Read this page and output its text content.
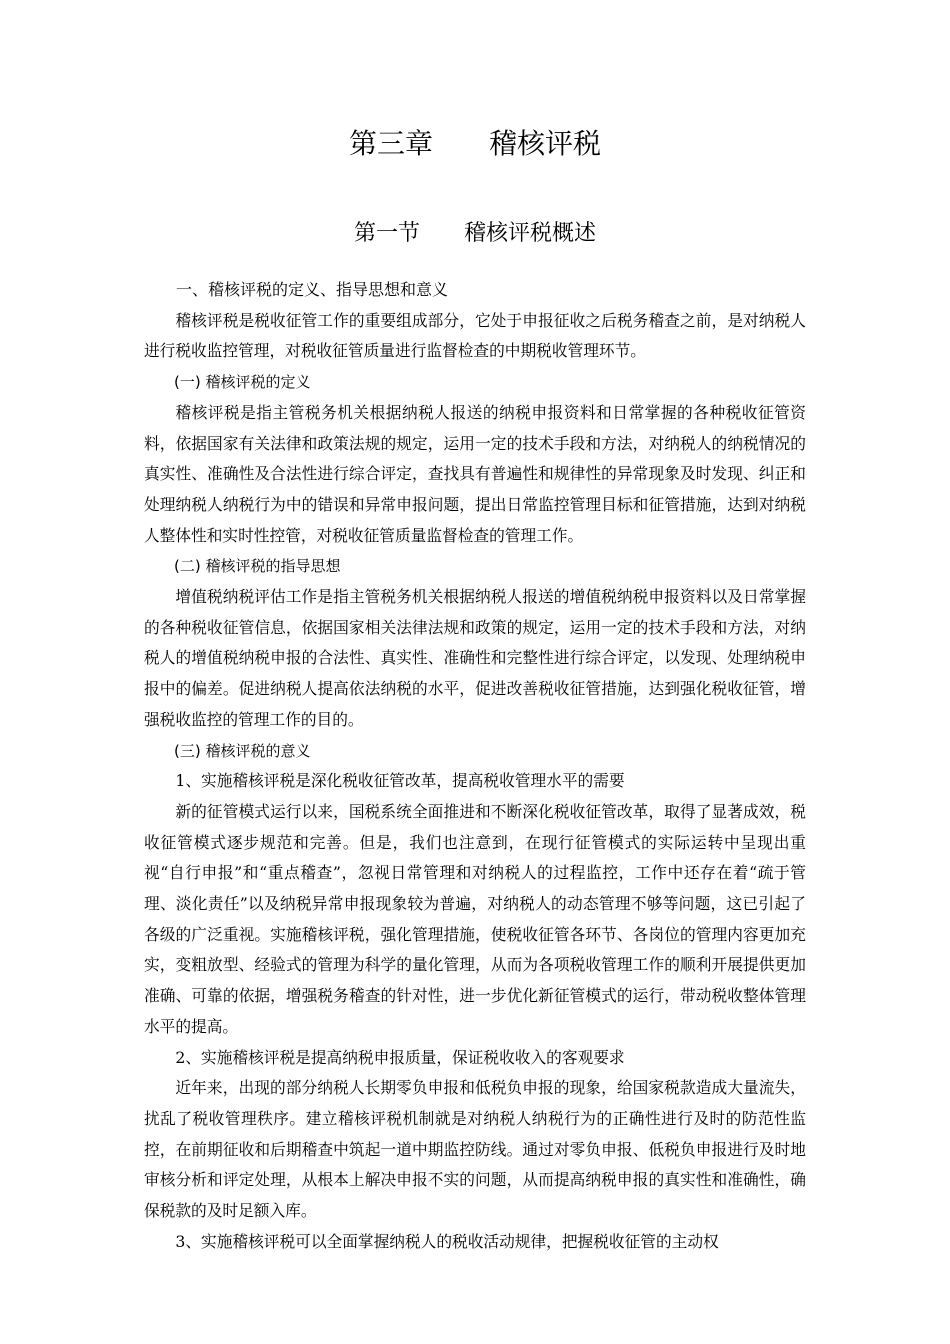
第三章　　稽核评税
第一节　　稽核评税概述

一、稽核评税的定义、指导思想和意义

稽核评税是税收征管工作的重要组成部分，它处于申报征收之后税务稽查之前，是对纳税人进行税收监控管理，对税收征管质量进行监督检查的中期税收管理环节。

(一) 稽核评税的定义

稽核评税是指主管税务机关根据纳税人报送的纳税申报资料和日常掌握的各种税收征管资料，依据国家有关法律和政策法规的规定，运用一定的技术手段和方法，对纳税人的纳税情况的真实性、准确性及合法性进行综合评定，查找具有普遍性和规律性的异常现象及时发现、纠正和处理纳税人纳税行为中的错误和异常申报问题，提出日常监控管理目标和征管措施，达到对纳税人整体性和实时性控管，对税收征管质量监督检查的管理工作。

(二) 稽核评税的指导思想

增值税纳税评估工作是指主管税务机关根据纳税人报送的增值税纳税申报资料以及日常掌握的各种税收征管信息，依据国家相关法律法规和政策的规定，运用一定的技术手段和方法，对纳税人的增值税纳税申报的合法性、真实性、准确性和完整性进行综合评定，以发现、处理纳税申报中的偏差。促进纳税人提高依法纳税的水平，促进改善税收征管措施，达到强化税收征管，增强税收监控的管理工作的目的。

(三) 稽核评税的意义

1、实施稽核评税是深化税收征管改革，提高税收管理水平的需要

新的征管模式运行以来，国税系统全面推进和不断深化税收征管改革，取得了显著成效，税收征管模式逐步规范和完善。但是，我们也注意到，在现行征管模式的实际运转中呈现出重视“自行申报”和“重点稽查”，忽视日常管理和对纳税人的过程监控，工作中还存在着“疏于管理、淡化责任”以及纳税异常申报现象较为普遍，对纳税人的动态管理不够等问题，这已引起了各级的广泛重视。实施稽核评税，强化管理措施，使税收征管各环节、各岗位的管理内容更加充实，变粗放型、经验式的管理为科学的量化管理，从而为各项税收管理工作的顺利开展提供更加准确、可靠的依据，增强税务稽查的针对性，进一步优化新征管模式的运行，带动税收整体管理水平的提高。

2、实施稽核评税是提高纳税申报质量，保证税收收入的客观要求

近年来，出现的部分纳税人长期零负申报和低税负申报的现象，给国家税款造成大量流失，扰乱了税收管理秩序。建立稽核评税机制就是对纳税人纳税行为的正确性进行及时的防范性监控，在前期征收和后期稽查中筑起一道中期监控防线。通过对零负申报、低税负申报进行及时地审核分析和评定处理，从根本上解决申报不实的问题，从而提高纳税申报的真实性和准确性，确保税款的及时足额入库。

3、实施稽核评税可以全面掌握纳税人的税收活动规律，把握税收征管的主动权
